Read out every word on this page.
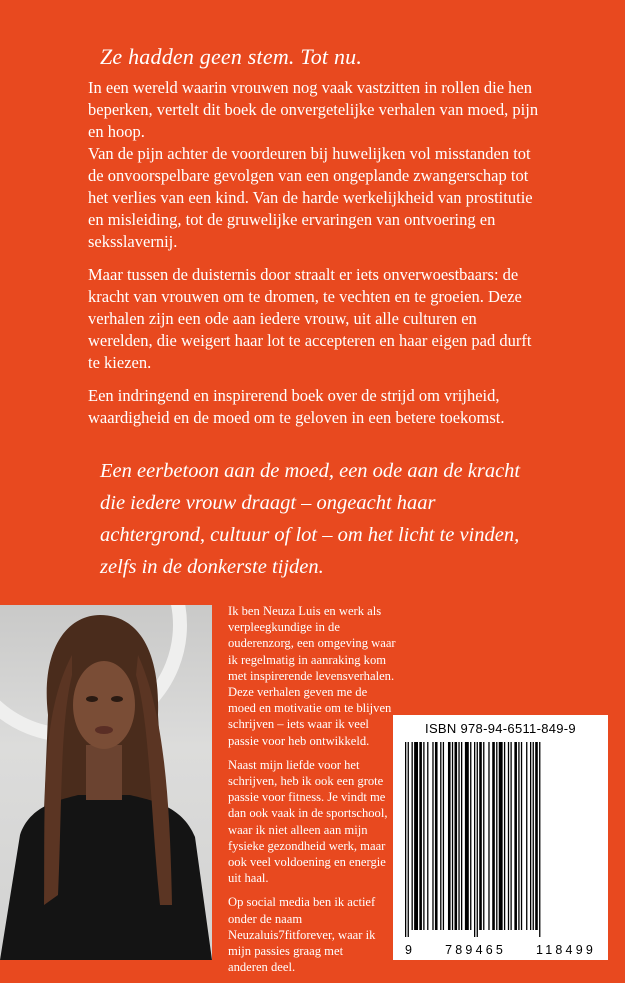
Ze hadden geen stem. Tot nu.

In een wereld waarin vrouwen nog vaak vastzitten in rollen die hen beperken, vertelt dit boek de onvergetelijke verhalen van moed, pijn en hoop.
Van de pijn achter de voordeuren bij huwelijken vol misstanden tot de onvoorspelbare gevolgen van een ongeplande zwangerschap tot het verlies van een kind. Van de harde werkelijkheid van prostitutie en misleiding, tot de gruwelijke ervaringen van ontvoering en seksslavernij.

Maar tussen de duisternis door straalt er iets onverwoestbaars: de kracht van vrouwen om te dromen, te vechten en te groeien. Deze verhalen zijn een ode aan iedere vrouw, uit alle culturen en werelden, die weigert haar lot te accepteren en haar eigen pad durft te kiezen.

Een indringend en inspirerend boek over de strijd om vrijheid, waardigheid en de moed om te geloven in een betere toekomst.

Een eerbetoon aan de moed, een ode aan de kracht die iedere vrouw draagt – ongeacht haar achtergrond, cultuur of lot – om het licht te vinden, zelfs in de donkerste tijden.

Ik ben Neuza Luis en werk als verpleegkundige in de ouderenzorg, een omgeving waar ik regelmatig in aanraking kom met inspirerende levensverhalen. Deze verhalen geven me de moed en motivatie om te blijven schrijven – iets waar ik veel passie voor heb ontwikkeld.

Naast mijn liefde voor het schrijven, heb ik ook een grote passie voor fitness. Je vindt me dan ook vaak in de sportschool, waar ik niet alleen aan mijn fysieke gezondheid werk, maar ook veel voldoening en energie uit haal.

Op social media ben ik actief onder de naam Neuzaluis7fitforever, waar ik mijn passies graag met anderen deel.

ISBN 978-94-6511-849-9
9 789465 118499
